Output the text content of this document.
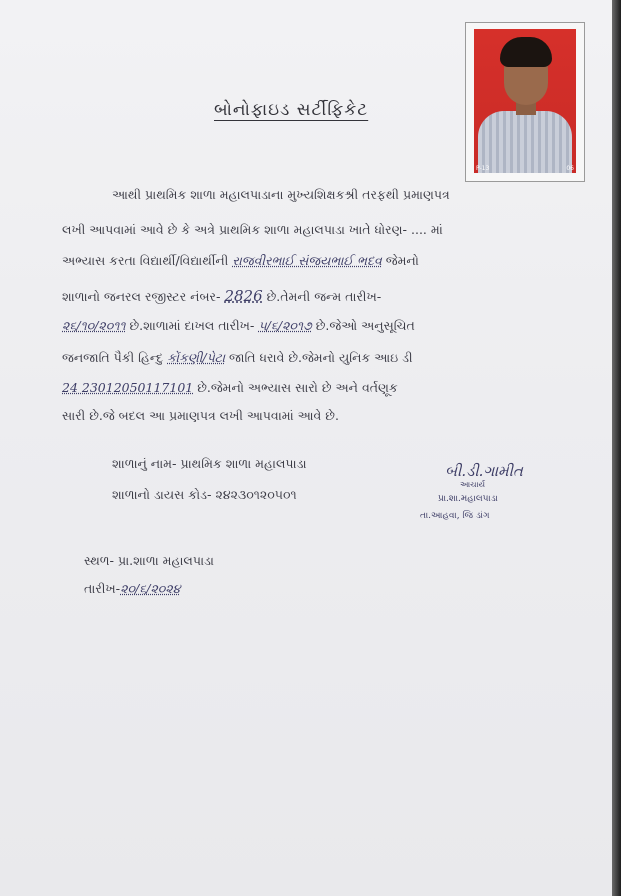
બોનોફાઇડ સર્ટીફિકેટ
P-13	06
આથી પ્રાથમિક શાળા મહાલપાડાના મુખ્યશિક્ષકશ્રી તરફથી પ્રમાણપત્ર
લખી આપવામાં આવે છે કે અત્રે પ્રાથમિક શાળા મહાલપાડા ખાતે ધોરણ- .... માં
અભ્યાસ કરતા વિદ્યાર્થી/વિદ્યાર્થીની રાજવીરભાઈ સંજયભાઈ ભદવ જેમનો
શાળાનો જનરલ રજીસ્ટર નંબર- 2826 છે.તેમની જન્મ તારીખ-
૨૬/૧૦/૨૦૧૧ છે.શાળામાં દાખલ તારીખ- ૫/૬/૨૦૧૭ છે.જેઓ અનુસૂચિત
જનજાતિ પૈકી હિન્દુ કોંકણી/પેટા જાતિ ધરાવે છે.જેમનો યુનિક આઇ ડી
24 23012050117101 છે.જેમનો અભ્યાસ સારો છે અને વર્તણૂક
સારી છે.જે બદલ આ પ્રમાણપત્ર લખી આપવામાં આવે છે.
શાળાનું નામ- પ્રાથમિક શાળા મહાલપાડા
શાળાનો ડાયસ કોડ- ૨૪૨૩૦૧૨૦૫૦૧
બી.ડી.ગામીત
આચાર્ય
પ્રા.શા.મહાલપાડા
તા.આહવા, જિ ડાંગ
સ્થળ- પ્રા.શાળા મહાલપાડા
તારીખ-૨૦/૬/૨૦૨૪
